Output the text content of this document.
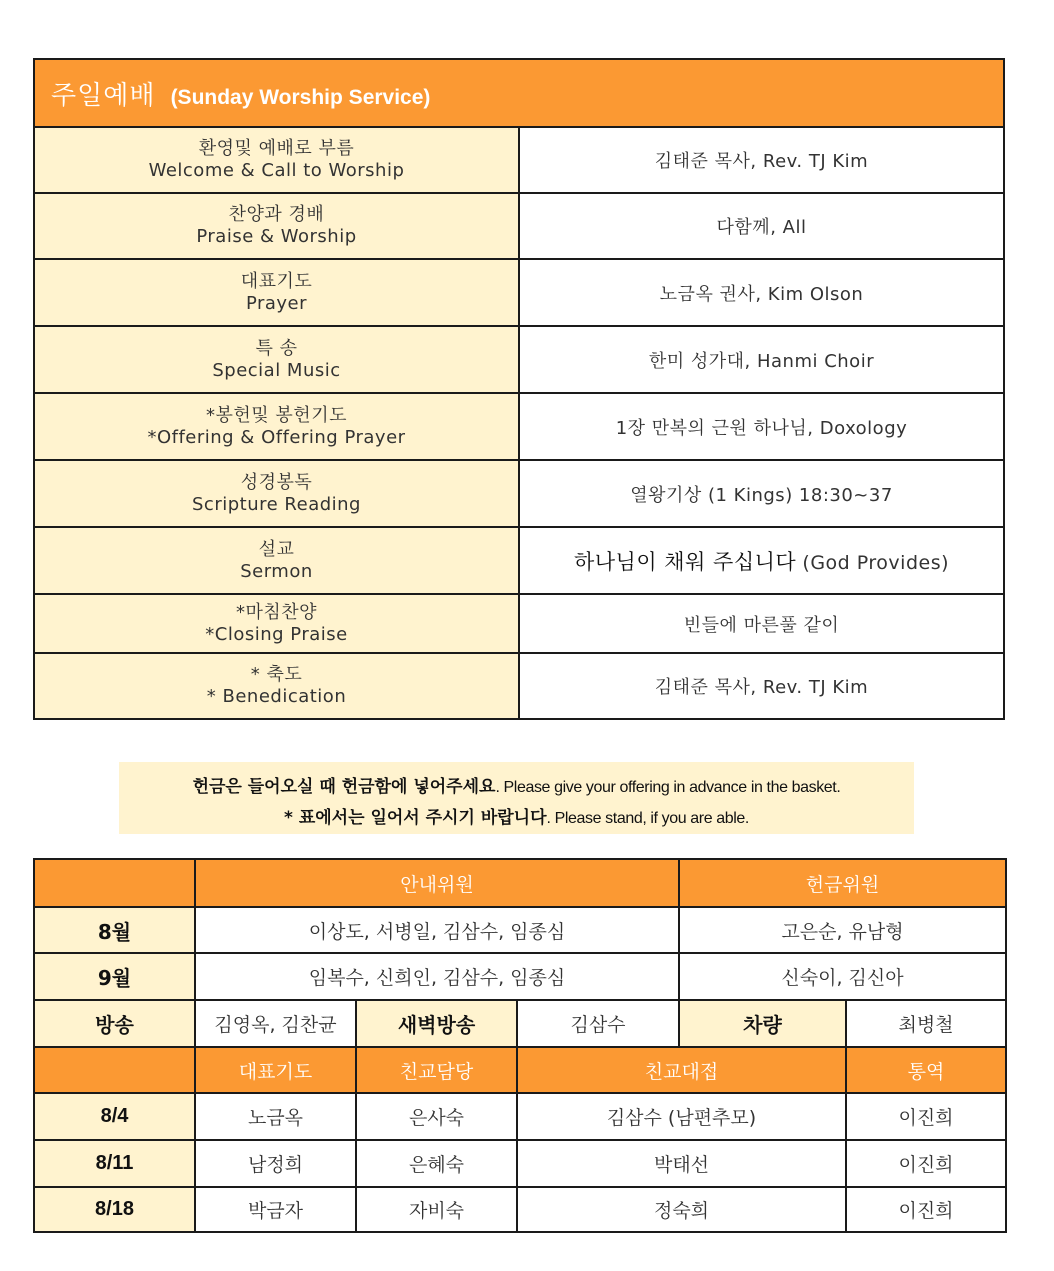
주일예배 (Sunday Worship Service)	

환영및 예배로 부름
Welcome & Call to Worship	김태준 목사, Rev. TJ Kim

찬양과 경배
Praise & Worship	다함께, All

대표기도
Prayer	노금옥 권사, Kim Olson

특 송
Special Music	한미 성가대, Hanmi Choir

*봉헌및 봉헌기도
*Offering & Offering Prayer	1장 만복의 근원 하나님, Doxology

성경봉독
Scripture Reading	열왕기상 (1 Kings) 18:30~37

설교
Sermon	하나님이 채워 주십니다 (God Provides)

*마침찬양
*Closing Praise	빈들에 마른풀 같이

* 축도
* Benedication	김태준 목사, Rev. TJ Kim
헌금은 들어오실 때 헌금함에 넣어주세요. Please give your offering in advance in the basket.
* 표에서는 일어서 주시기 바랍니다. Please stand, if you are able.
	안내위원			헌금위원	
8월	이상도, 서병일, 김삼수, 임종심			고은순, 유남형	
9월	임복수, 신희인, 김삼수, 임종심			신숙이, 김신아	
방송	김영옥, 김찬균	새벽방송	김삼수	차량	최병철
	대표기도	친교담당	친교대접		통역
8/4	노금옥	은사숙	김삼수 (남편추모)		이진희
8/11	남정희	은혜숙	박태선		이진희
8/18	박금자	자비숙	정숙희		이진희
